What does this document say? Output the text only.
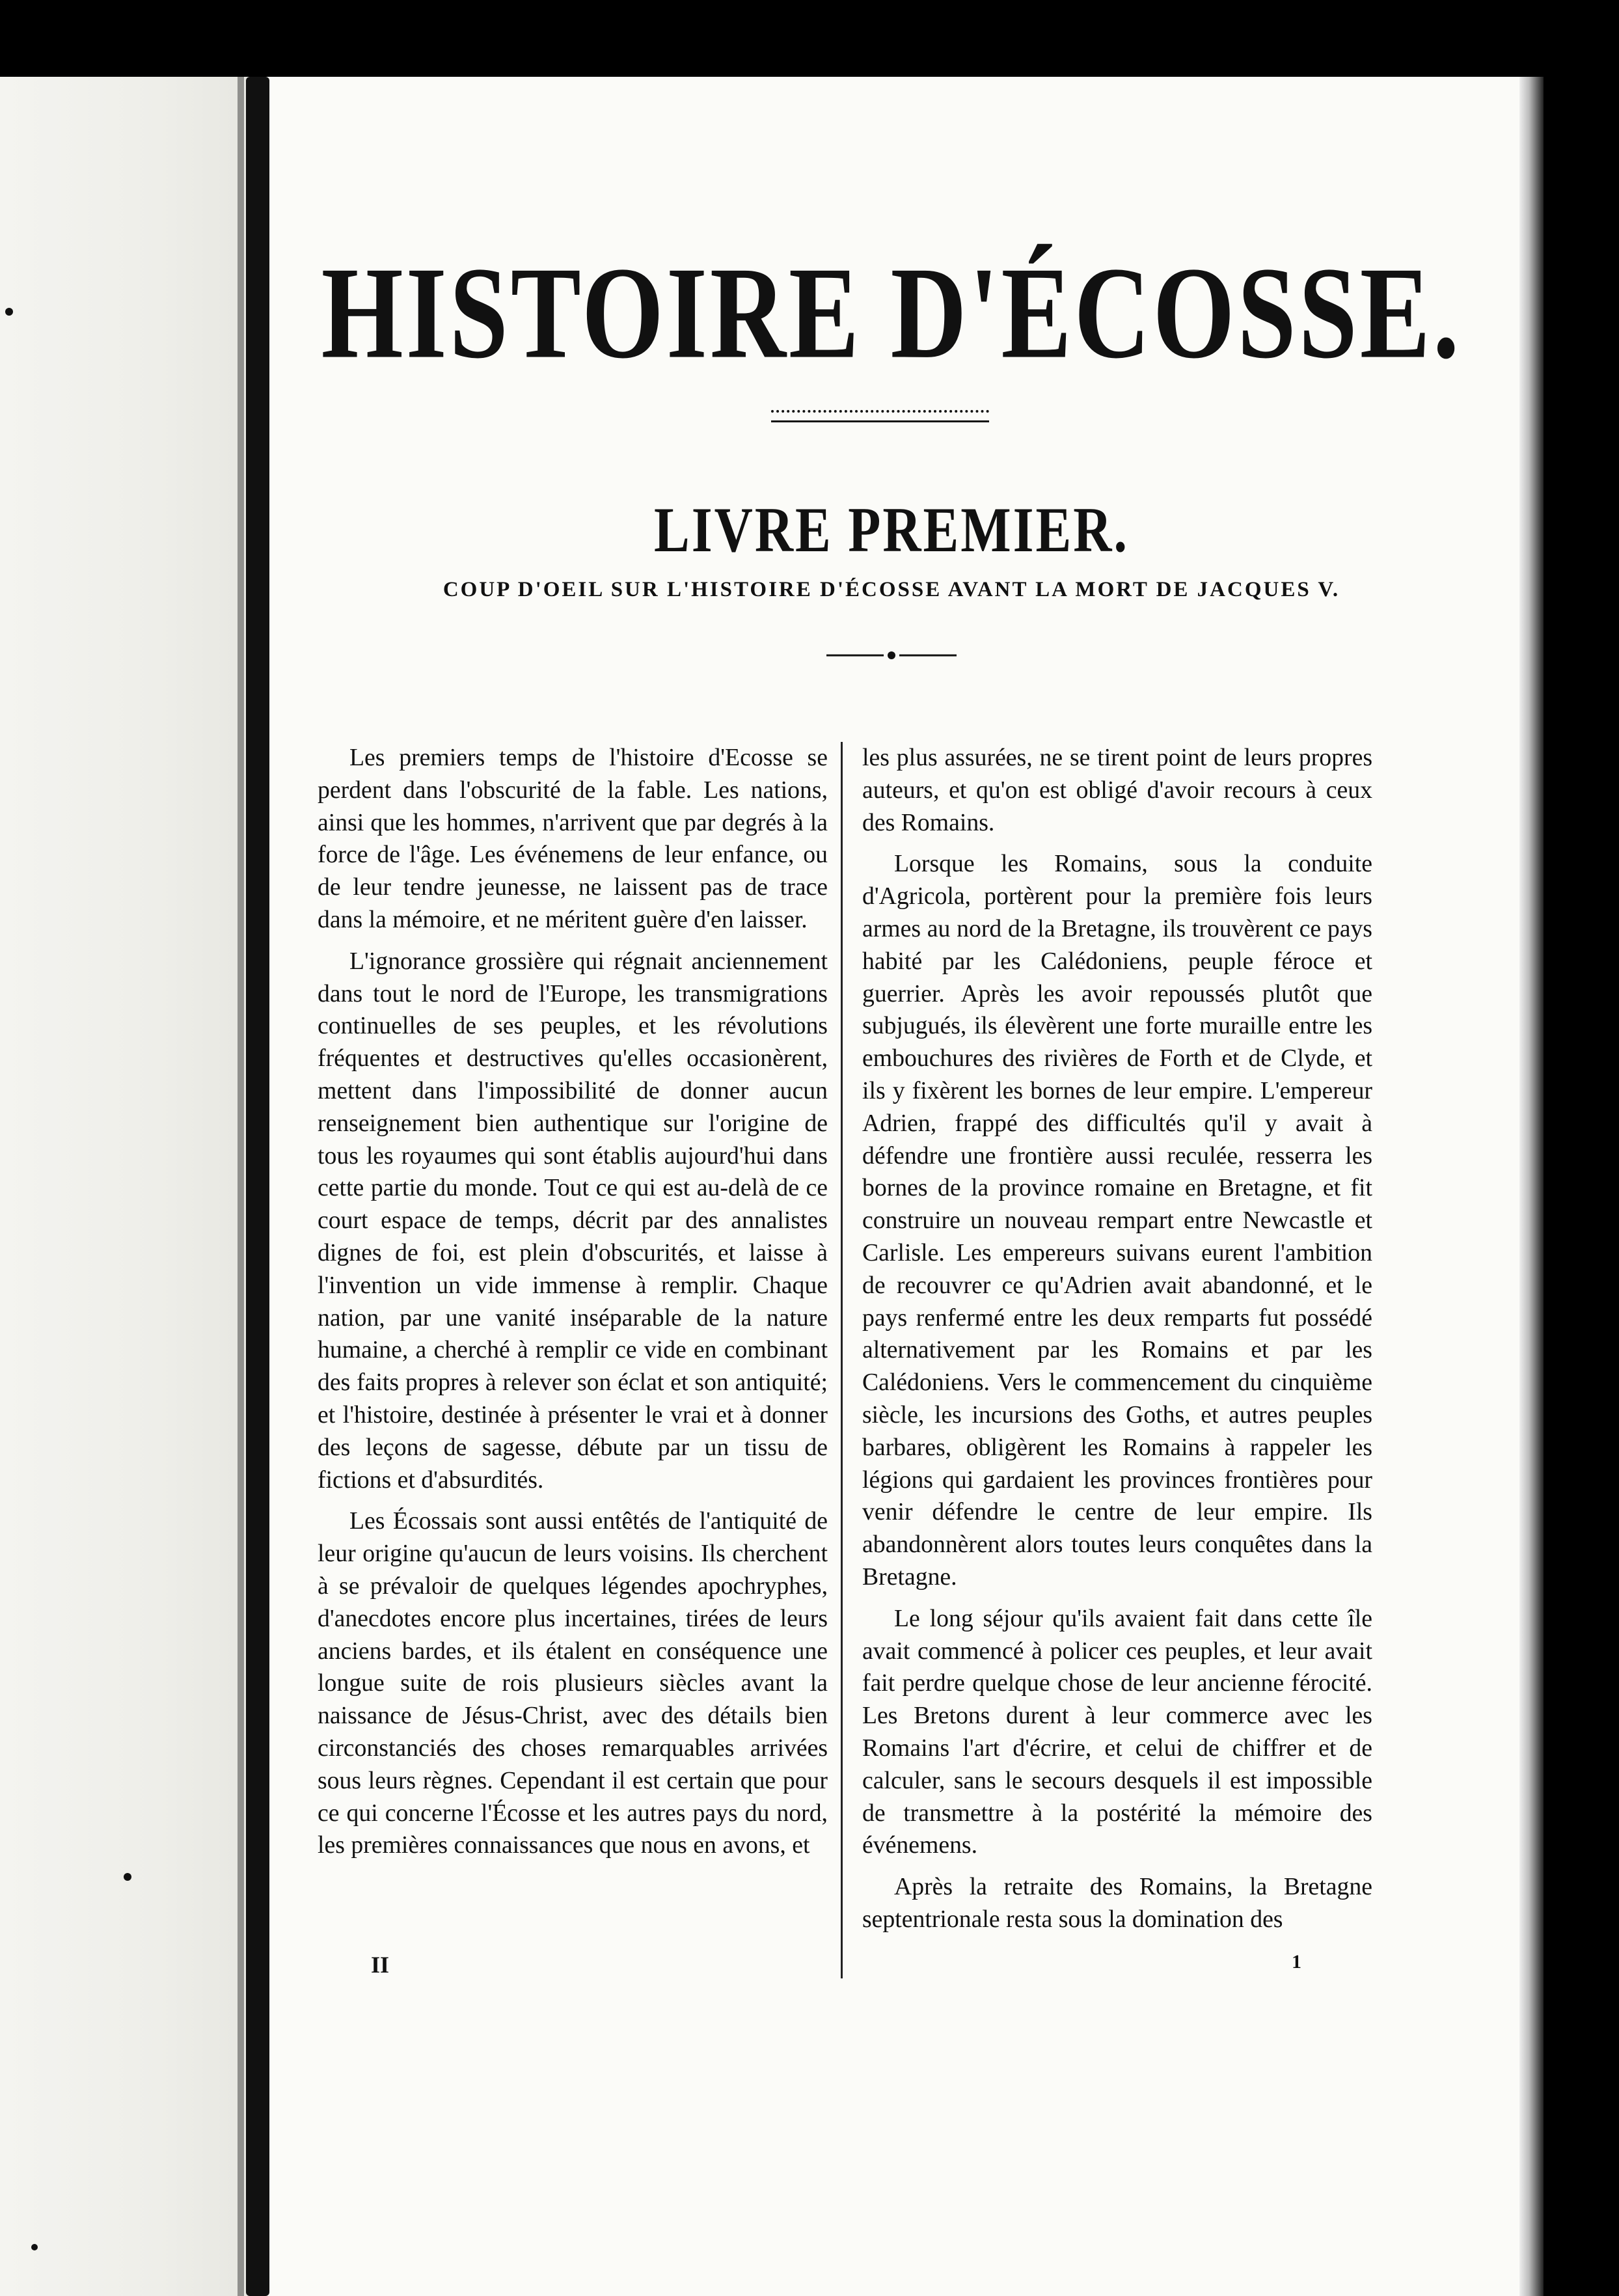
HISTOIRE D'ÉCOSSE.
LIVRE PREMIER.
COUP D'OEIL SUR L'HISTOIRE D'ÉCOSSE AVANT LA MORT DE JACQUES V.

Les premiers temps de l'histoire d'Ecosse se perdent dans l'obscurité de la fable. Les nations, ainsi que les hommes, n'arrivent que par degrés à la force de l'âge. Les événemens de leur enfance, ou de leur tendre jeunesse, ne laissent pas de trace dans la mémoire, et ne méritent guère d'en laisser.

L'ignorance grossière qui régnait anciennement dans tout le nord de l'Europe, les transmigrations continuelles de ses peuples, et les révolutions fréquentes et destructives qu'elles occasionèrent, mettent dans l'impossibilité de donner aucun renseignement bien authentique sur l'origine de tous les royaumes qui sont établis aujourd'hui dans cette partie du monde. Tout ce qui est au-delà de ce court espace de temps, décrit par des annalistes dignes de foi, est plein d'obscurités, et laisse à l'invention un vide immense à remplir. Chaque nation, par une vanité inséparable de la nature humaine, a cherché à remplir ce vide en combinant des faits propres à relever son éclat et son antiquité; et l'histoire, destinée à présenter le vrai et à donner des leçons de sagesse, débute par un tissu de fictions et d'absurdités.

Les Écossais sont aussi entêtés de l'antiquité de leur origine qu'aucun de leurs voisins. Ils cherchent à se prévaloir de quelques légendes apochryphes, d'anecdotes encore plus incertaines, tirées de leurs anciens bardes, et ils étalent en conséquence une longue suite de rois plusieurs siècles avant la naissance de Jésus-Christ, avec des détails bien circonstanciés des choses remarquables arrivées sous leurs règnes. Cependant il est certain que pour ce qui concerne l'Écosse et les autres pays du nord, les premières connaissances que nous en avons, et

les plus assurées, ne se tirent point de leurs propres auteurs, et qu'on est obligé d'avoir recours à ceux des Romains.

Lorsque les Romains, sous la conduite d'Agricola, portèrent pour la première fois leurs armes au nord de la Bretagne, ils trouvèrent ce pays habité par les Calédoniens, peuple féroce et guerrier. Après les avoir repoussés plutôt que subjugués, ils élevèrent une forte muraille entre les embouchures des rivières de Forth et de Clyde, et ils y fixèrent les bornes de leur empire. L'empereur Adrien, frappé des difficultés qu'il y avait à défendre une frontière aussi reculée, resserra les bornes de la province romaine en Bretagne, et fit construire un nouveau rempart entre Newcastle et Carlisle. Les empereurs suivans eurent l'ambition de recouvrer ce qu'Adrien avait abandonné, et le pays renfermé entre les deux remparts fut possédé alternativement par les Romains et par les Calédoniens. Vers le commencement du cinquième siècle, les incursions des Goths, et autres peuples barbares, obligèrent les Romains à rappeler les légions qui gardaient les provinces frontières pour venir défendre le centre de leur empire. Ils abandonnèrent alors toutes leurs conquêtes dans la Bretagne.

Le long séjour qu'ils avaient fait dans cette île avait commencé à policer ces peuples, et leur avait fait perdre quelque chose de leur ancienne férocité. Les Bretons durent à leur commerce avec les Romains l'art d'écrire, et celui de chiffrer et de calculer, sans le secours desquels il est impossible de transmettre à la postérité la mémoire des événemens.

Après la retraite des Romains, la Bretagne septentrionale resta sous la domination des

II	1
